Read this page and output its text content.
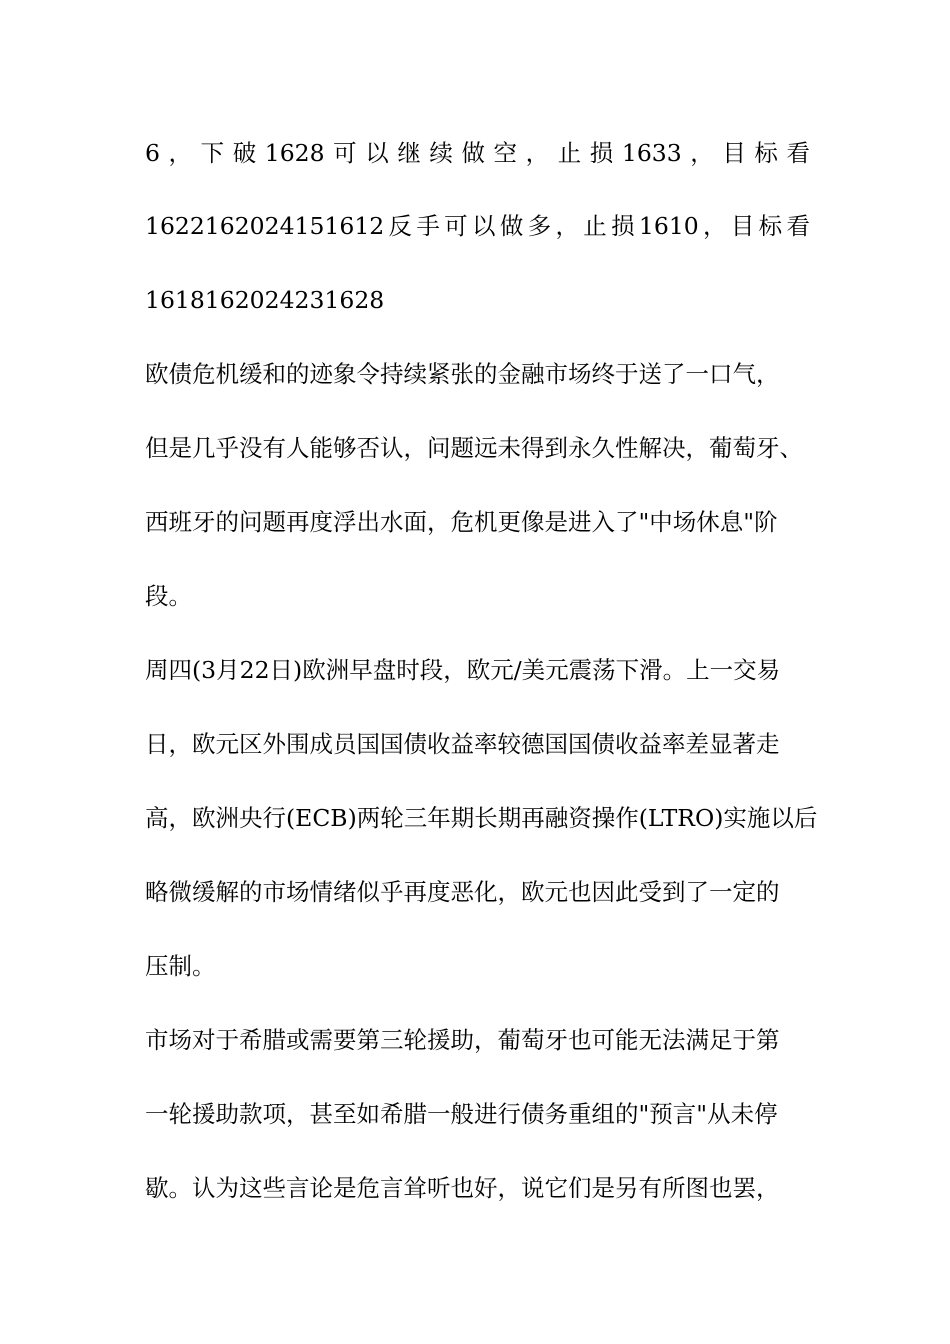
6，下破1628可以继续做空，止损1633，目标看
1622162024151612反手可以做多，止损1610，目标看
1618162024231628
欧债危机缓和的迹象令持续紧张的金融市场终于送了一口气，
但是几乎没有人能够否认，问题远未得到永久性解决，葡萄牙、
西班牙的问题再度浮出水面，危机更像是进入了"中场休息"阶
段。
周四(3月22日)欧洲早盘时段，欧元/美元震荡下滑。上一交易
日，欧元区外围成员国国债收益率较德国国债收益率差显著走
高，欧洲央行(ECB)两轮三年期长期再融资操作(LTRO)实施以后
略微缓解的市场情绪似乎再度恶化，欧元也因此受到了一定的
压制。
市场对于希腊或需要第三轮援助，葡萄牙也可能无法满足于第
一轮援助款项，甚至如希腊一般进行债务重组的"预言"从未停
歇。认为这些言论是危言耸听也好，说它们是另有所图也罢，
